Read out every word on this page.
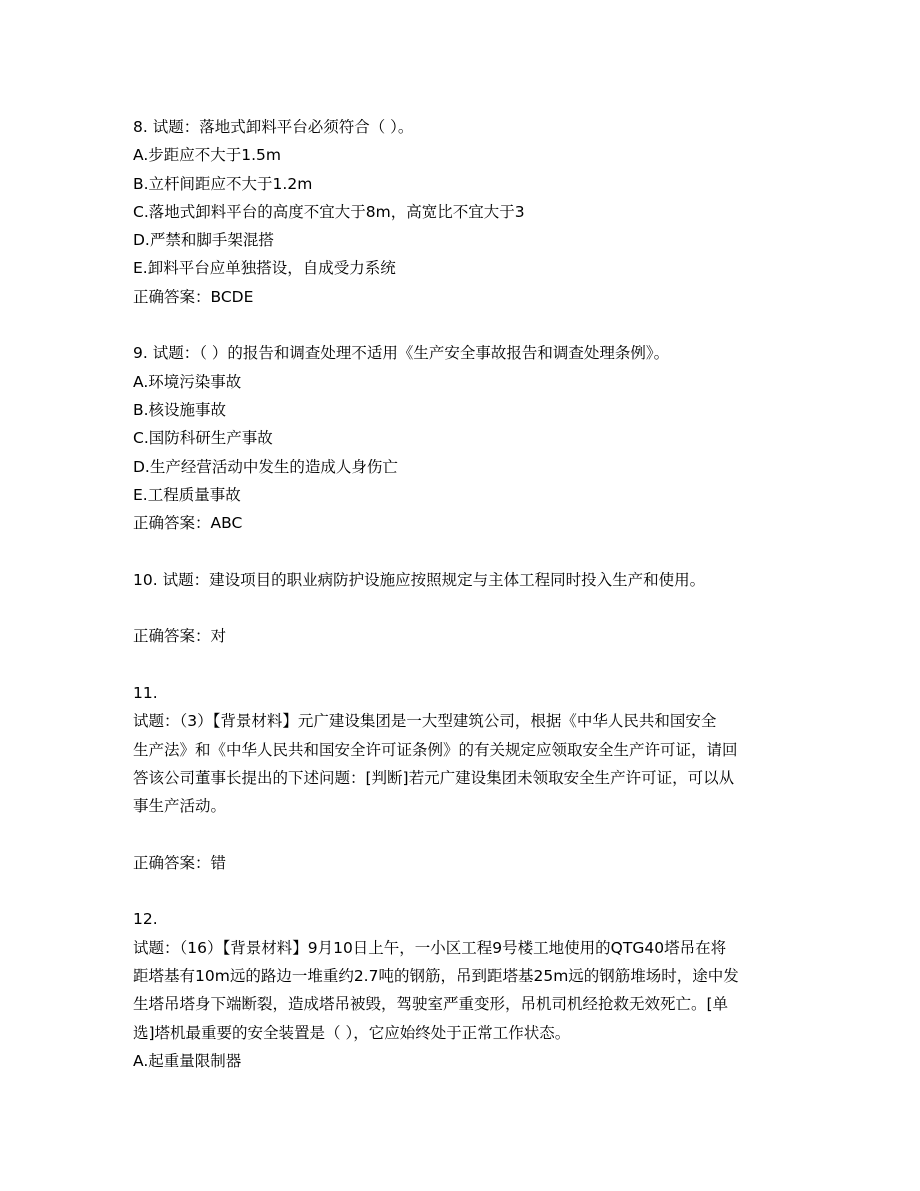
8. 试题：落地式卸料平台必须符合（ ）。
A.步距应不大于1.5m
B.立杆间距应不大于1.2m
C.落地式卸料平台的高度不宜大于8m，高宽比不宜大于3
D.严禁和脚手架混搭
E.卸料平台应单独搭设，自成受力系统
正确答案：BCDE
9. 试题：（ ）的报告和调查处理不适用《生产安全事故报告和调查处理条例》。
A.环境污染事故
B.核设施事故
C.国防科研生产事故
D.生产经营活动中发生的造成人身伤亡
E.工程质量事故
正确答案：ABC
10. 试题：建设项目的职业病防护设施应按照规定与主体工程同时投入生产和使用。
正确答案：对
11.
试题：（3）【背景材料】元广建设集团是一大型建筑公司，根据《中华人民共和国安全
生产法》和《中华人民共和国安全许可证条例》的有关规定应领取安全生产许可证，请回
答该公司董事长提出的下述问题：[判断]若元广建设集团未领取安全生产许可证，可以从
事生产活动。
正确答案：错
12.
试题：（16）【背景材料】9月10日上午，一小区工程9号楼工地使用的QTG40塔吊在将
距塔基有10m远的路边一堆重约2.7吨的钢筋，吊到距塔基25m远的钢筋堆场时，途中发
生塔吊塔身下端断裂，造成塔吊被毁，驾驶室严重变形，吊机司机经抢救无效死亡。[单
选]塔机最重要的安全装置是（ ），它应始终处于正常工作状态。
A.起重量限制器
